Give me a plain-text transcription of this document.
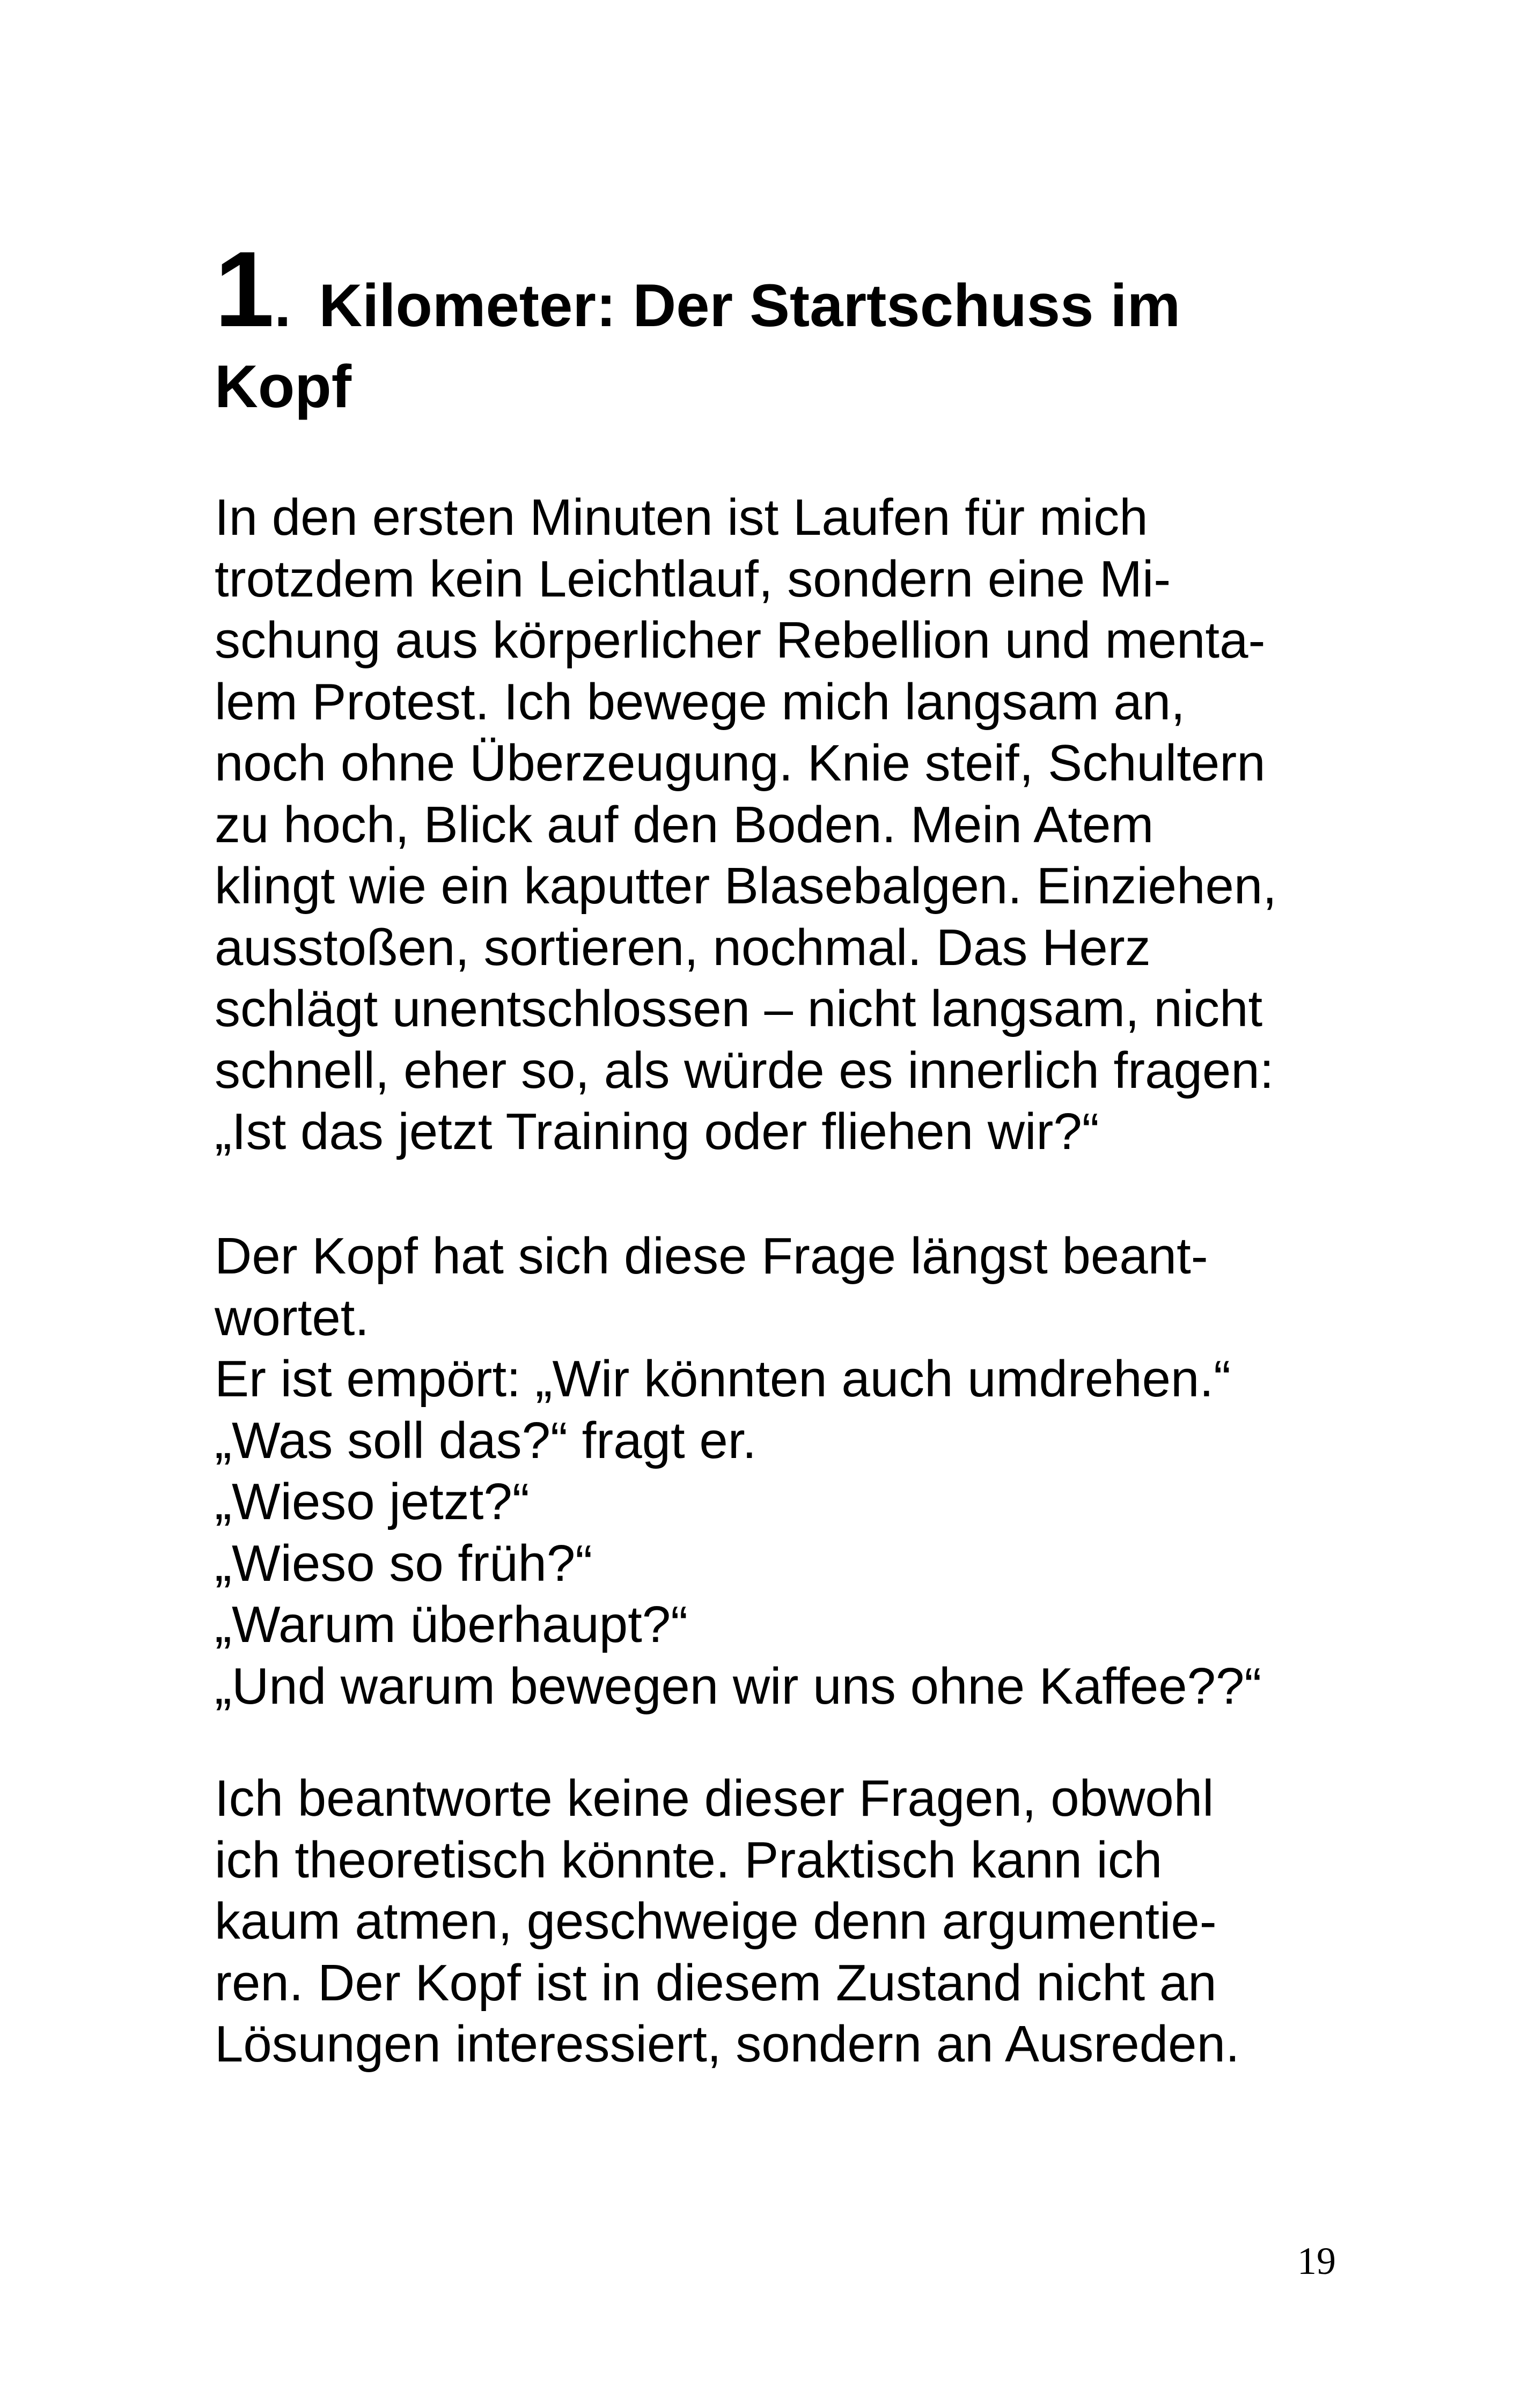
1. Kilometer: Der Startschuss im
Kopf
In den ersten Minuten ist Laufen für mich
trotzdem kein Leichtlauf, sondern eine Mi-
schung aus körperlicher Rebellion und menta-
lem Protest. Ich bewege mich langsam an,
noch ohne Überzeugung. Knie steif, Schultern
zu hoch, Blick auf den Boden. Mein Atem
klingt wie ein kaputter Blasebalgen. Einziehen,
ausstoßen, sortieren, nochmal. Das Herz
schlägt unentschlossen – nicht langsam, nicht
schnell, eher so, als würde es innerlich fragen:
„Ist das jetzt Training oder fliehen wir?“
Der Kopf hat sich diese Frage längst beant-
wortet.
Er ist empört: „Wir könnten auch umdrehen.“
„Was soll das?“ fragt er.
„Wieso jetzt?“
„Wieso so früh?“
„Warum überhaupt?“
„Und warum bewegen wir uns ohne Kaffee??“
Ich beantworte keine dieser Fragen, obwohl
ich theoretisch könnte. Praktisch kann ich
kaum atmen, geschweige denn argumentie-
ren. Der Kopf ist in diesem Zustand nicht an
Lösungen interessiert, sondern an Ausreden.
19
